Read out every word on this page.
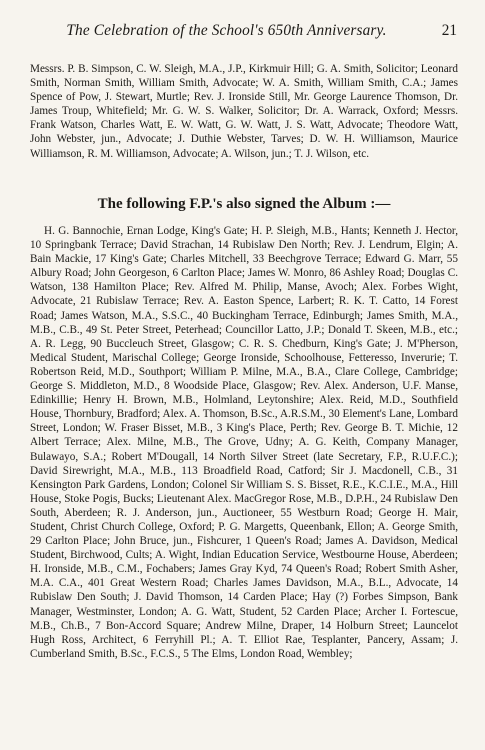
The Celebration of the School's 650th Anniversary.	21

Messrs. P. B. Simpson, C. W. Sleigh, M.A., J.P., Kirkmuir Hill; G. A. Smith, Solicitor; Leonard Smith, Norman Smith, William Smith, Advocate; W. A. Smith, William Smith, C.A.; James Spence of Pow, J. Stewart, Murtle; Rev. J. Ironside Still, Mr. George Laurence Thomson, Dr. James Troup, Whitefield; Mr. G. W. S. Walker, Solicitor; Dr. A. Warrack, Oxford; Messrs. Frank Watson, Charles Watt, E. W. Watt, G. W. Watt, J. S. Watt, Advocate; Theodore Watt, John Webster, jun., Advocate; J. Duthie Webster, Tarves; D. W. H. Williamson, Maurice Williamson, R. M. Williamson, Advocate; A. Wilson, jun.; T. J. Wilson, etc.

The following F.P.'s also signed the Album :—

H. G. Bannochie, Ernan Lodge, King's Gate; H. P. Sleigh, M.B., Hants; Kenneth J. Hector, 10 Springbank Terrace; David Strachan, 14 Rubislaw Den North; Rev. J. Lendrum, Elgin; A. Bain Mackie, 17 King's Gate; Charles Mitchell, 33 Beechgrove Terrace; Edward G. Marr, 55 Albury Road; John Georgeson, 6 Carlton Place; James W. Monro, 86 Ashley Road; Douglas C. Watson, 138 Hamilton Place; Rev. Alfred M. Philip, Manse, Avoch; Alex. Forbes Wight, Advocate, 21 Rubislaw Terrace; Rev. A. Easton Spence, Larbert; R. K. T. Catto, 14 Forest Road; James Watson, M.A., S.S.C., 40 Buckingham Terrace, Edinburgh; James Smith, M.A., M.B., C.B., 49 St. Peter Street, Peterhead; Councillor Latto, J.P.; Donald T. Skeen, M.B., etc.; A. R. Legg, 90 Buccleuch Street, Glasgow; C. R. S. Chedburn, King's Gate; J. M'Pherson, Medical Student, Marischal College; George Ironside, Schoolhouse, Fetteresso, Inverurie; T. Robertson Reid, M.D., Southport; William P. Milne, M.A., B.A., Clare College, Cambridge; George S. Middleton, M.D., 8 Woodside Place, Glasgow; Rev. Alex. Anderson, U.F. Manse, Edinkillie; Henry H. Brown, M.B., Holmland, Leytonshire; Alex. Reid, M.D., Southfield House, Thornbury, Bradford; Alex. A. Thomson, B.Sc., A.R.S.M., 30 Element's Lane, Lombard Street, London; W. Fraser Bisset, M.B., 3 King's Place, Perth; Rev. George B. T. Michie, 12 Albert Terrace; Alex. Milne, M.B., The Grove, Udny; A. G. Keith, Company Manager, Bulawayo, S.A.; Robert M'Dougall, 14 North Silver Street (late Secretary, F.P., R.U.F.C.); David Sirewright, M.A., M.B., 113 Broadfield Road, Catford; Sir J. Macdonell, C.B., 31 Kensington Park Gardens, London; Colonel Sir William S. S. Bisset, R.E., K.C.I.E., M.A., Hill House, Stoke Pogis, Bucks; Lieutenant Alex. MacGregor Rose, M.B., D.P.H., 24 Rubislaw Den South, Aberdeen; R. J. Anderson, jun., Auctioneer, 55 Westburn Road; George H. Mair, Student, Christ Church College, Oxford; P. G. Margetts, Queenbank, Ellon; A. George Smith, 29 Carlton Place; John Bruce, jun., Fishcurer, 1 Queen's Road; James A. Davidson, Medical Student, Birchwood, Cults; A. Wight, Indian Education Service, Westbourne House, Aberdeen; H. Ironside, M.B., C.M., Fochabers; James Gray Kyd, 74 Queen's Road; Robert Smith Asher, M.A. C.A., 401 Great Western Road; Charles James Davidson, M.A., B.L., Advocate, 14 Rubislaw Den South; J. David Thomson, 14 Carden Place; Hay (?) Forbes Simpson, Bank Manager, Westminster, London; A. G. Watt, Student, 52 Carden Place; Archer I. Fortescue, M.B., Ch.B., 7 Bon-Accord Square; Andrew Milne, Draper, 14 Holburn Street; Launcelot Hugh Ross, Architect, 6 Ferryhill Pl.; A. T. Elliot Rae, Tesplanter, Pancery, Assam; J. Cumberland Smith, B.Sc., F.C.S., 5 The Elms, London Road, Wembley;
